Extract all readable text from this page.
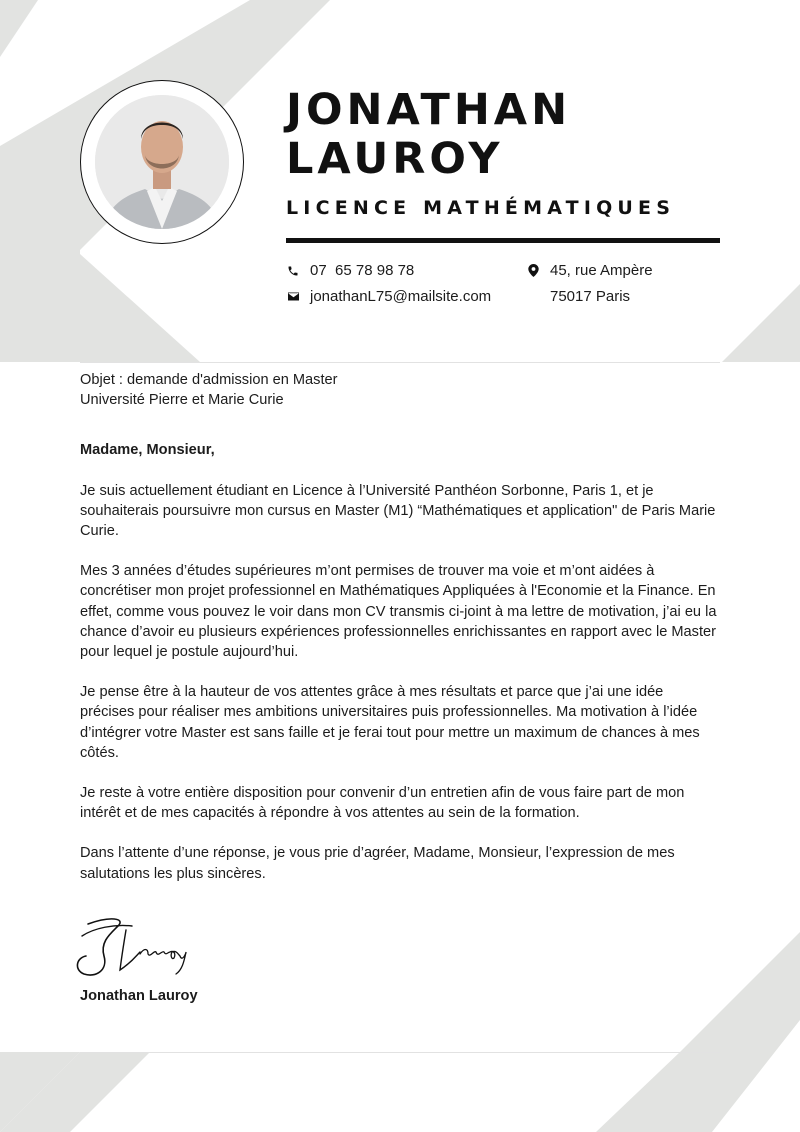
JONATHAN
LAUROY
LICENCE MATHÉMATIQUES
07  65 78 98 78
jonathanL75@mailsite.com
45, rue Ampère
75017 Paris

Objet : demande d'admission en Master
Université Pierre et Marie Curie

Madame, Monsieur,

Je suis actuellement étudiant en Licence à l’Université Panthéon Sorbonne, Paris 1, et je souhaiterais poursuivre mon cursus en Master (M1) “Mathématiques et application" de Paris Marie Curie.

Mes 3 années d’études supérieures m’ont permises de trouver ma voie et m’ont aidées à concrétiser mon projet professionnel en Mathématiques Appliquées à l'Economie et la Finance. En effet, comme vous pouvez le voir dans mon CV transmis ci-joint à ma lettre de motivation, j’ai eu la chance d’avoir eu plusieurs expériences professionnelles enrichissantes en rapport avec le Master pour lequel je postule aujourd’hui.

Je pense être à la hauteur de vos attentes grâce à mes résultats et parce que j’ai une idée précises pour réaliser mes ambitions universitaires puis professionnelles. Ma motivation à l’idée d’intégrer votre Master est sans faille et je ferai tout pour mettre un maximum de chances à mes côtés.

Je reste à votre entière disposition pour convenir d’un entretien afin de vous faire part de mon intérêt et de mes capacités à répondre à vos attentes au sein de la formation.

Dans l’attente d’une réponse, je vous prie d’agréer, Madame, Monsieur, l’expression de mes salutations les plus sincères.

Jonathan Lauroy
